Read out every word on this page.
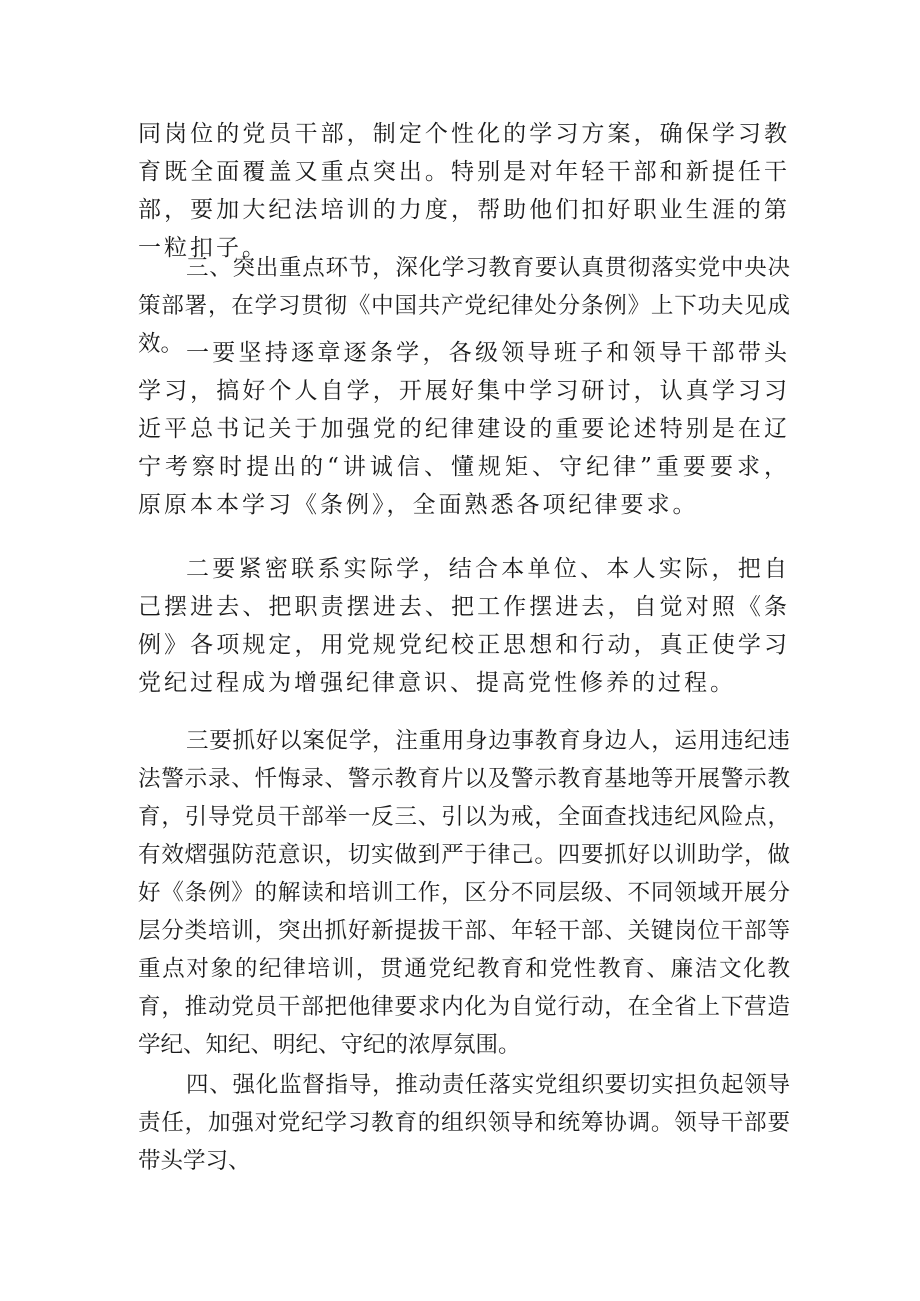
同岗位的党员干部，制定个性化的学习方案，确保学习教育既全面覆盖又重点突出。特别是对年轻干部和新提任干部，要加大纪法培训的力度，帮助他们扣好职业生涯的第一粒扣子。

三、突出重点环节，深化学习教育要认真贯彻落实党中央决策部署，在学习贯彻《中国共产党纪律处分条例》上下功夫见成效。 一要坚持逐章逐条学，各级领导班子和领导干部带头学习，搞好个人自学，开展好集中学习研讨，认真学习习近平总书记关于加强党的纪律建设的重要论述特别是在辽宁考察时提出的“讲诚信、懂规矩、守纪律”重要要求，原原本本学习《条例》，全面熟悉各项纪律要求。

二要紧密联系实际学，结合本单位、本人实际，把自己摆进去、把职责摆进去、把工作摆进去，自觉对照《条例》各项规定，用党规党纪校正思想和行动，真正使学习党纪过程成为增强纪律意识、提高党性修养的过程。

三要抓好以案促学，注重用身边事教育身边人，运用违纪违法警示录、忏悔录、警示教育片以及警示教育基地等开展警示教育，引导党员干部举一反三、引以为戒，全面查找违纪风险点，有效熠强防范意识，切实做到严于律己。四要抓好以训助学，做好《条例》的解读和培训工作，区分不同层级、不同领域开展分层分类培训，突出抓好新提拔干部、年轻干部、关键岗位干部等重点对象的纪律培训，贯通党纪教育和党性教育、廉洁文化教育，推动党员干部把他律要求内化为自觉行动，在全省上下营造学纪、知纪、明纪、守纪的浓厚氛围。

四、强化监督指导，推动责任落实党组织要切实担负起领导责任，加强对党纪学习教育的组织领导和统筹协调。领导干部要带头学习、
